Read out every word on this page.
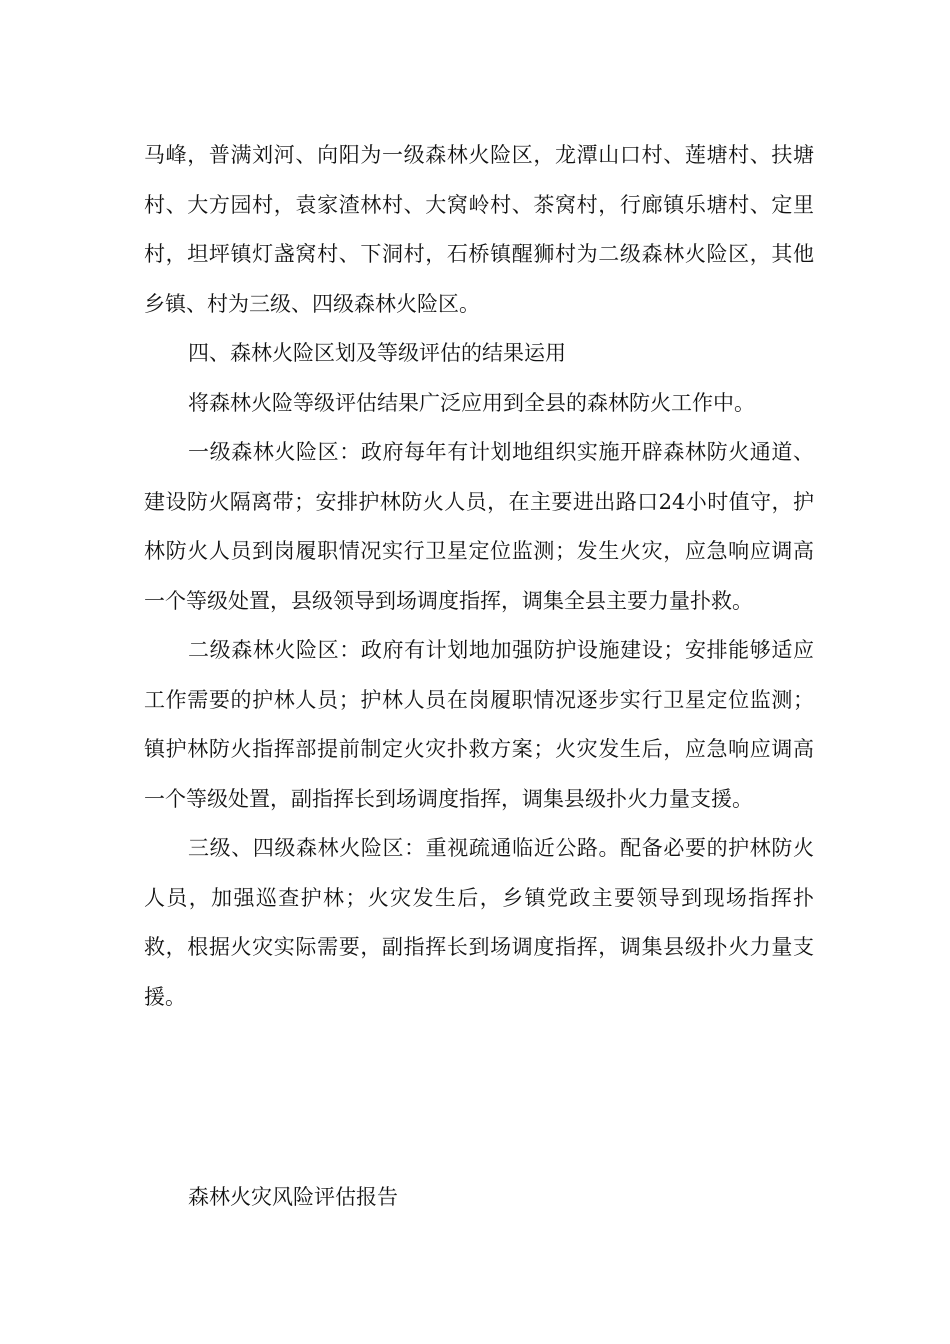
马峰，普满刘河、向阳为一级森林火险区，龙潭山口村、莲塘村、扶塘村、大方园村，袁家渣林村、大窝岭村、茶窝村，行廊镇乐塘村、定里村，坦坪镇灯盏窝村、下洞村，石桥镇醒狮村为二级森林火险区，其他乡镇、村为三级、四级森林火险区。

四、森林火险区划及等级评估的结果运用

将森林火险等级评估结果广泛应用到全县的森林防火工作中。

一级森林火险区：政府每年有计划地组织实施开辟森林防火通道、建设防火隔离带；安排护林防火人员，在主要进出路口24小时值守，护林防火人员到岗履职情况实行卫星定位监测；发生火灾，应急响应调高一个等级处置，县级领导到场调度指挥，调集全县主要力量扑救。

二级森林火险区：政府有计划地加强防护设施建设；安排能够适应工作需要的护林人员；护林人员在岗履职情况逐步实行卫星定位监测；镇护林防火指挥部提前制定火灾扑救方案；火灾发生后，应急响应调高一个等级处置，副指挥长到场调度指挥，调集县级扑火力量支援。

三级、四级森林火险区：重视疏通临近公路。配备必要的护林防火人员，加强巡查护林；火灾发生后，乡镇党政主要领导到现场指挥扑救，根据火灾实际需要，副指挥长到场调度指挥，调集县级扑火力量支援。

森林火灾风险评估报告
